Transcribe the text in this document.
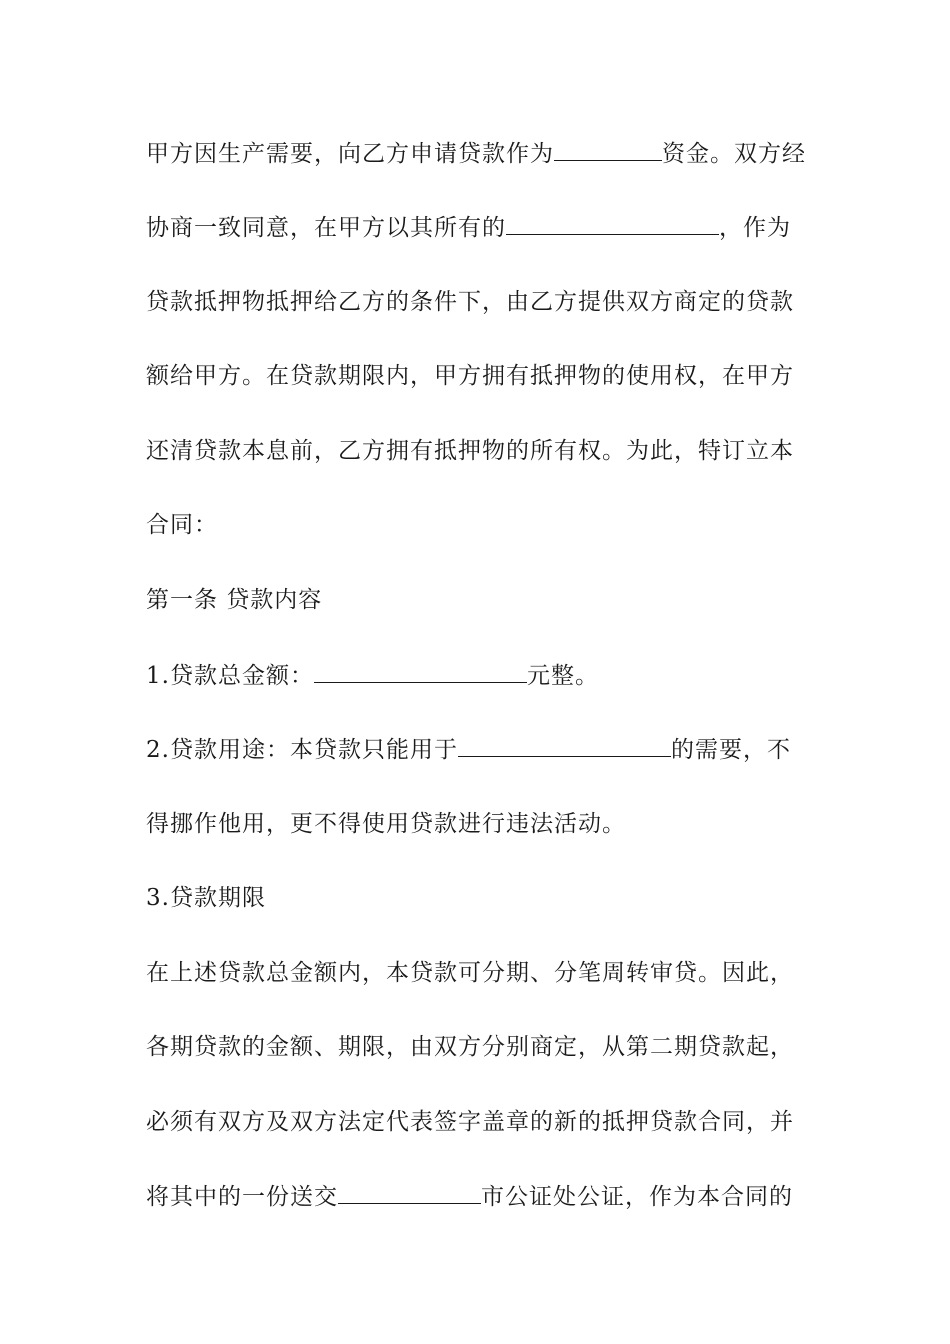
甲方因生产需要，向乙方申请贷款作为	资金。双方经
协商一致同意，在甲方以其所有的	，作为
贷款抵押物抵押给乙方的条件下，由乙方提供双方商定的贷款
额给甲方。在贷款期限内，甲方拥有抵押物的使用权，在甲方
还清贷款本息前，乙方拥有抵押物的所有权。为此，特订立本
合同：
第一条 贷款内容
1.贷款总金额：	元整。
2.贷款用途：本贷款只能用于	的需要，不
得挪作他用，更不得使用贷款进行违法活动。
3.贷款期限
在上述贷款总金额内，本贷款可分期、分笔周转审贷。因此，
各期贷款的金额、期限，由双方分别商定，从第二期贷款起，
必须有双方及双方法定代表签字盖章的新的抵押贷款合同，并
将其中的一份送交	市公证处公证，作为本合同的
